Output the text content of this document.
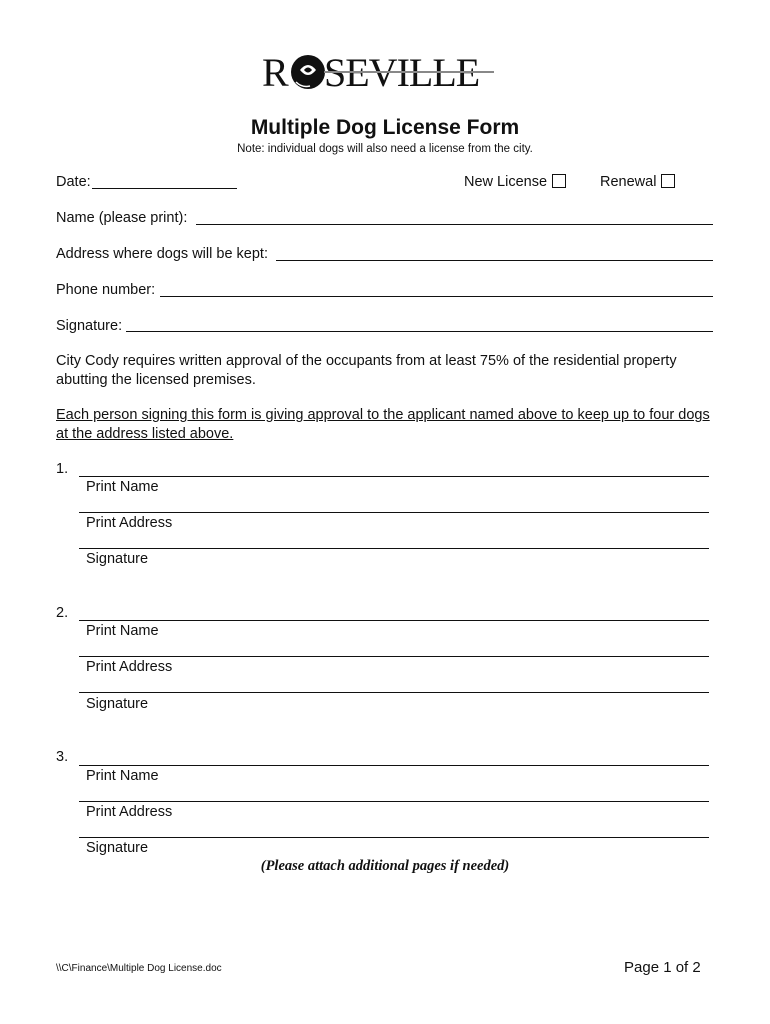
R SEVILLE
Multiple Dog License Form
Note: individual dogs will also need a license from the city.
Date:	New License	Renewal
Name (please print):
Address where dogs will be kept:
Phone number:
Signature:
City Cody requires written approval of the occupants from at least 75% of the residential property abutting the licensed premises.
Each person signing this form is giving approval to the applicant named above to keep up to four dogs at the address listed above.
1.
Print Name
Print Address
Signature
2.
Print Name
Print Address
Signature
3.
Print Name
Print Address
Signature
(Please attach additional pages if needed)
\\C\Finance\Multiple Dog License.doc	Page 1 of 2
